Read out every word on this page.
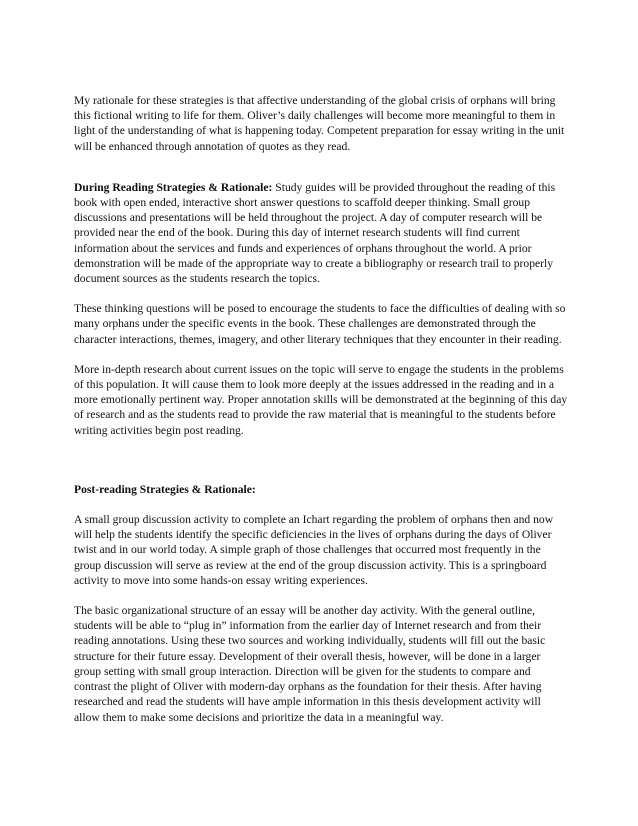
My rationale for these strategies is that affective understanding of the global crisis of orphans will bring this fictional writing to life for them. Oliver’s daily challenges will become more meaningful to them in light of the understanding of what is happening today. Competent preparation for essay writing in the unit will be enhanced through annotation of quotes as they read.

During Reading Strategies & Rationale: Study guides will be provided throughout the reading of this book with open ended, interactive short answer questions to scaffold deeper thinking. Small group discussions and presentations will be held throughout the project. A day of computer research will be provided near the end of the book. During this day of internet research students will find current information about the services and funds and experiences of orphans throughout the world. A prior demonstration will be made of the appropriate way to create a bibliography or research trail to properly document sources as the students research the topics.

These thinking questions will be posed to encourage the students to face the difficulties of dealing with so many orphans under the specific events in the book. These challenges are demonstrated through the character interactions, themes, imagery, and other literary techniques that they encounter in their reading.

More in-depth research about current issues on the topic will serve to engage the students in the problems of this population. It will cause them to look more deeply at the issues addressed in the reading and in a more emotionally pertinent way. Proper annotation skills will be demonstrated at the beginning of this day of research and as the students read to provide the raw material that is meaningful to the students before writing activities begin post reading.

Post-reading Strategies & Rationale:

A small group discussion activity to complete an Ichart regarding the problem of orphans then and now will help the students identify the specific deficiencies in the lives of orphans during the days of Oliver twist and in our world today. A simple graph of those challenges that occurred most frequently in the group discussion will serve as review at the end of the group discussion activity. This is a springboard activity to move into some hands-on essay writing experiences.

The basic organizational structure of an essay will be another day activity. With the general outline, students will be able to “plug in” information from the earlier day of Internet research and from their reading annotations. Using these two sources and working individually, students will fill out the basic structure for their future essay. Development of their overall thesis, however, will be done in a larger group setting with small group interaction. Direction will be given for the students to compare and contrast the plight of Oliver with modern-day orphans as the foundation for their thesis. After having researched and read the students will have ample information in this thesis development activity will allow them to make some decisions and prioritize the data in a meaningful way.
